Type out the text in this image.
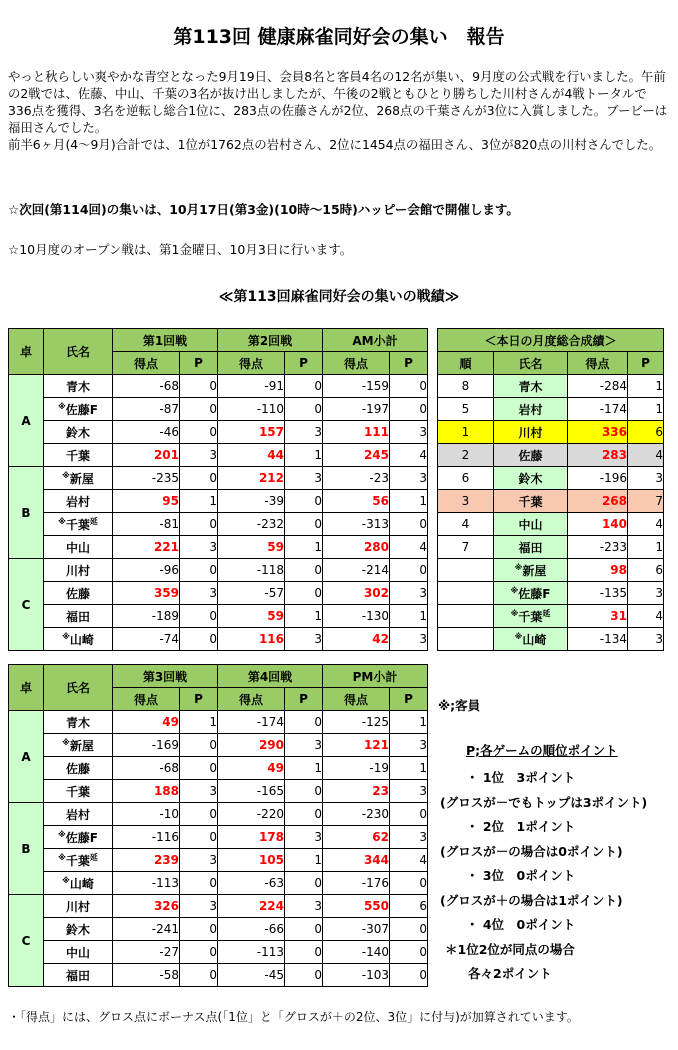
第113回 健康麻雀同好会の集い　報告
やっと秋らしい爽やかな青空となった9月19日、会員8名と客員4名の12名が集い、9月度の公式戦を行いました。午前の2戦では、佐藤、中山、千葉の3名が抜け出しましたが、午後の2戦ともひとり勝ちした川村さんが4戦トータルで336点を獲得、3名を逆転し総合1位に、283点の佐藤さんが2位、268点の千葉さんが3位に入賞しました。ブービーは福田さんでした。
前半6ヶ月(4～9月)合計では、1位が1762点の岩村さん、2位に1454点の福田さん、3位が820点の川村さんでした。
☆次回(第114回)の集いは、10月17日(第3金)(10時～15時)ハッピー会館で開催します。
☆10月度のオープン戦は、第1金曜日、10月3日に行います。
≪第113回麻雀同好会の集いの戦績≫
卓	氏名	第1回戦		第2回戦		AM小計	
		得点	P	得点	P	得点	P
A	青木	-68	0	-91	0	-159	0
	※佐藤F	-87	0	-110	0	-197	0
	鈴木	-46	0	157	3	111	3
	千葉	201	3	44	1	245	4
B	※新屋	-235	0	212	3	-23	3
	岩村	95	1	-39	0	56	1
	※千葉$^延$	-81	0	-232	0	-313	0
	中山	221	3	59	1	280	4
C	川村	-96	0	-118	0	-214	0
	佐藤	359	3	-57	0	302	3
	福田	-189	0	59	1	-130	1
	※山崎	-74	0	116	3	42	3
卓	氏名	第3回戦		第4回戦		PM小計	
		得点	P	得点	P	得点	P
A	青木	49	1	-174	0	-125	1
	※新屋	-169	0	290	3	121	3
	佐藤	-68	0	49	1	-19	1
	千葉	188	3	-165	0	23	3
B	岩村	-10	0	-220	0	-230	0
	※佐藤F	-116	0	178	3	62	3
	※千葉$^延$	239	3	105	1	344	4
	※山崎	-113	0	-63	0	-176	0
C	川村	326	3	224	3	550	6
	鈴木	-241	0	-66	0	-307	0
	中山	-27	0	-113	0	-140	0
	福田	-58	0	-45	0	-103	0
＜本日の月度総合成績＞			
順	氏名	得点	P
8	青木	-284	1
5	岩村	-174	1
1	川村	336	6
2	佐藤	283	4
6	鈴木	-196	3
3	千葉	268	7
4	中山	140	4
7	福田	-233	1
	※新屋	98	6
	※佐藤F	-135	3
	※千葉$^延$	31	4
	※山崎	-134	3
※;客員
P;各ゲームの順位ポイント
・ 1位　3ポイント
(グロスが－でもトップは3ポイント)
・ 2位　1ポイント
(グロスが－の場合は0ポイント)
・ 3位　0ポイント
(グロスが＋の場合は1ポイント)
・ 4位　0ポイント
＊1位2位が同点の場合
各々2ポイント
・「得点」には、グロス点にボーナス点(「1位」と「グロスが＋の2位、3位」に付与)が加算されています。
